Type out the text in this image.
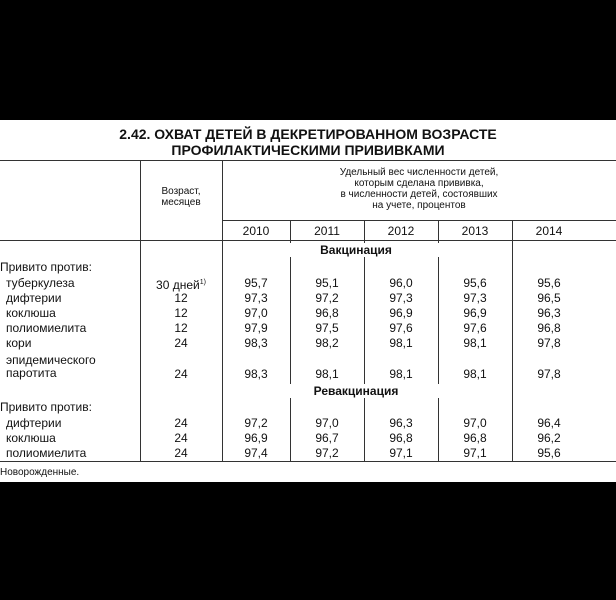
2.42. ОХВАТ ДЕТЕЙ В ДЕКРЕТИРОВАННОМ ВОЗРАСТЕ
ПРОФИЛАКТИЧЕСКИМИ ПРИВИВКАМИ
Возраст,
месяцев
Удельный вес численности детей,
которым сделана прививка,
в численности детей, состоявших
на учете, процентов
2010	2011	2012	2013	2014
Вакцинация
Привито против:
туберкулеза	30 дней$^{1)}$	95,7	95,1	96,0	95,6	95,6
дифтерии	12	97,3	97,2	97,3	97,3	96,5
коклюша	12	97,0	96,8	96,9	96,9	96,3
полиомиелита	12	97,9	97,5	97,6	97,6	96,8
кори	24	98,3	98,2	98,1	98,1	97,8
эпидемического
паротита	24	98,3	98,1	98,1	98,1	97,8
Ревакцинация
Привито против:
дифтерии	24	97,2	97,0	96,3	97,0	96,4
коклюша	24	96,9	96,7	96,8	96,8	96,2
полиомиелита	24	97,4	97,2	97,1	97,1	95,6
Новорожденные.
